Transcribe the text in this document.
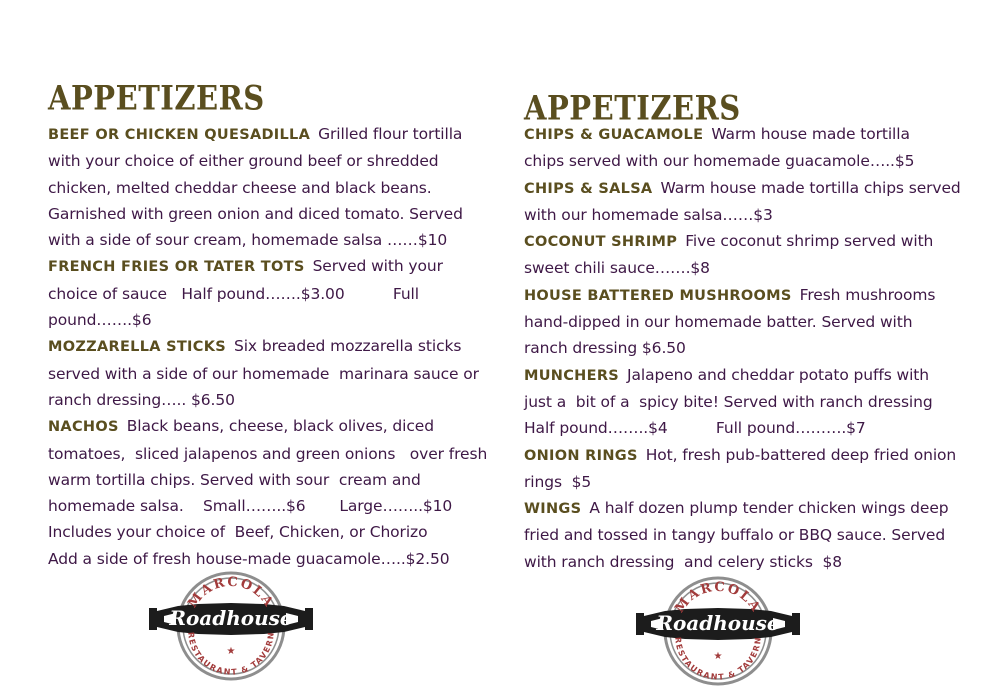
APPETIZERS

BEEF OR CHICKEN QUESADILLA Grilled flour tortilla
with your choice of either ground beef or shredded
chicken, melted cheddar cheese and black beans.
Garnished with green onion and diced tomato. Served
with a side of sour cream, homemade salsa ……$10

FRENCH FRIES OR TATER TOTS Served with your
choice of sauce   Half pound…….$3.00          Full
pound…….$6

MOZZARELLA STICKS Six breaded mozzarella sticks
served with a side of our homemade  marinara sauce or
ranch dressing….. $6.50

NACHOS Black beans, cheese, black olives, diced
tomatoes,  sliced jalapenos and green onions   over fresh
warm tortilla chips. Served with sour  cream and
homemade salsa.    Small……..$6       Large……..$10
Includes your choice of  Beef, Chicken, or Chorizo
Add a side of fresh house-made guacamole…..$2.50

APPETIZERS

CHIPS & GUACAMOLE Warm house made tortilla
chips served with our homemade guacamole…..$5

CHIPS & SALSA Warm house made tortilla chips served
with our homemade salsa……$3

COCONUT SHRIMP Five coconut shrimp served with
sweet chili sauce…….$8

HOUSE BATTERED MUSHROOMS Fresh mushrooms
hand-dipped in our homemade batter. Served with
ranch dressing $6.50

MUNCHERS Jalapeno and cheddar potato puffs with
just a  bit of a  spicy bite! Served with ranch dressing
Half pound……..$4          Full pound……….$7

ONION RINGS Hot, fresh pub-battered deep fried onion
rings  $5

WINGS A half dozen plump tender chicken wings deep
fried and tossed in tangy buffalo or BBQ sauce. Served
with ranch dressing  and celery sticks  $8

MARCOLA
Roadhouse
★
RESTAURANT & TAVERN
MARCOLA
Roadhouse
★
RESTAURANT & TAVERN
